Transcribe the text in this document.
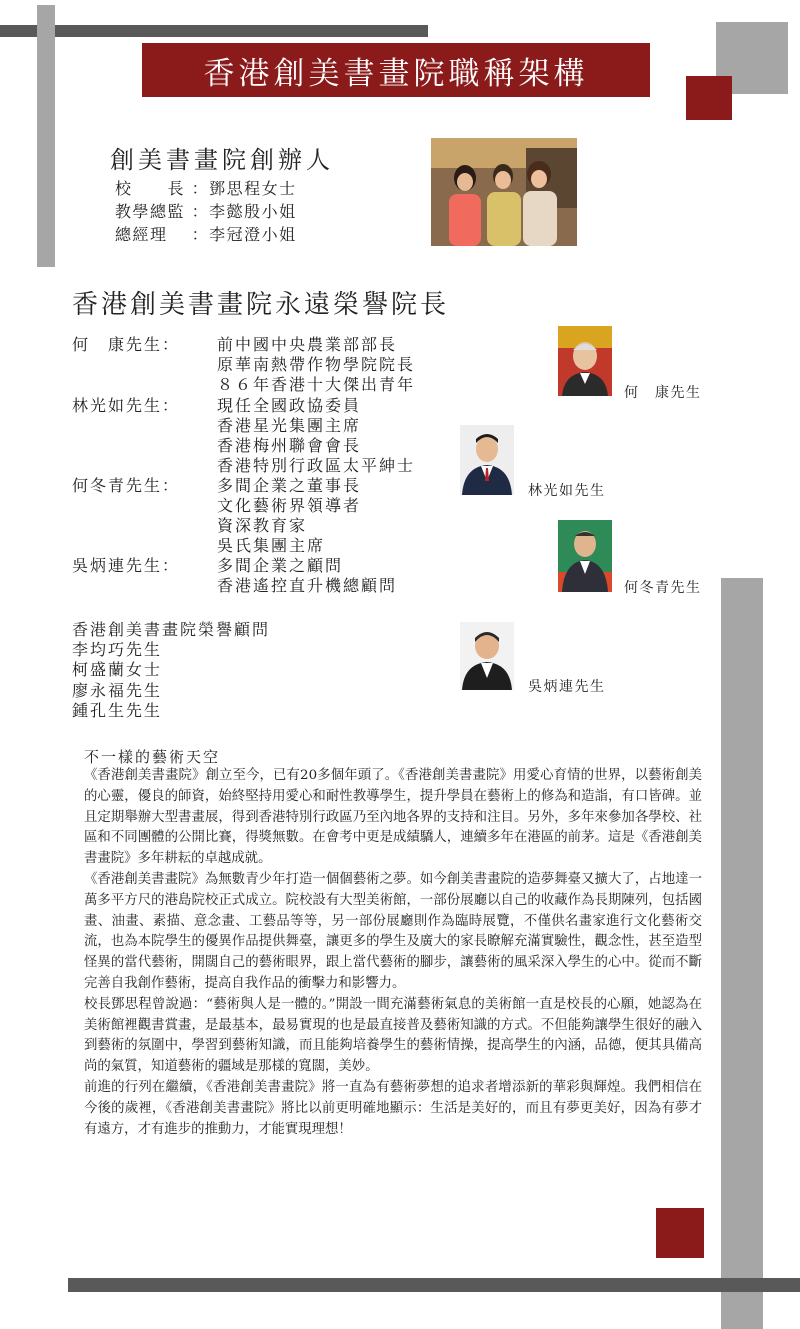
香港創美書畫院職稱架構
創美書畫院創辦人
校　　長 ：鄧思程女士
教學總監 ：李懿殷小姐
總經理　 ：李冠澄小姐
香港創美書畫院永遠榮譽院長
何　康先生： 前中國中央農業部部長
原華南熱帶作物學院院長
８６年香港十大傑出青年
林光如先生： 現任全國政協委員
香港星光集團主席
香港梅州聯會會長
香港特別行政區太平紳士
何冬青先生： 多間企業之董事長
文化藝術界領導者
資深教育家
吳氏集團主席
吳炳連先生： 多間企業之顧問
香港遙控直升機總顧問
何　康先生
林光如先生
何冬青先生
吳炳連先生
香港創美書畫院榮譽顧問
李均巧先生
柯盛蘭女士
廖永福先生
鍾孔生先生
不一樣的藝術天空

《香港創美書畫院》創立至今，已有20多個年頭了。《香港創美書畫院》用愛心育情的世界，以藝術創美的心靈，優良的師資，始終堅持用愛心和耐性教導學生，提升學員在藝術上的修為和造詣，有口皆碑。並且定期舉辦大型書畫展，得到香港特別行政區乃至內地各界的支持和注目。另外，多年來參加各學校、社區和不同團體的公開比賽，得獎無數。在會考中更是成績驕人，連續多年在港區的前茅。這是《香港創美書畫院》多年耕耘的卓越成就。

《香港創美書畫院》為無數青少年打造一個個藝術之夢。如今創美書畫院的造夢舞臺又擴大了，占地達一萬多平方尺的港島院校正式成立。院校設有大型美術館，一部份展廳以自己的收藏作為長期陳列，包括國畫、油畫、素描、意念畫、工藝品等等，另一部份展廳則作為臨時展覽，不僅供名畫家進行文化藝術交流，也為本院學生的優異作品提供舞臺，讓更多的學生及廣大的家長瞭解充滿實驗性，觀念性，甚至造型怪異的當代藝術，開闊自己的藝術眼界，跟上當代藝術的腳步，讓藝術的風采深入學生的心中。從而不斷完善自我創作藝術，提高自我作品的衝擊力和影響力。

校長鄧思程曾說過：“藝術與人是一體的。”開設一間充滿藝術氣息的美術館一直是校長的心願，她認為在美術館裡觀書賞畫，是最基本，最易實現的也是最直接普及藝術知識的方式。不但能夠讓學生很好的融入到藝術的氛圍中，學習到藝術知識，而且能夠培養學生的藝術情操，提高學生的內涵，品德，便其具備高尚的氣質，知道藝術的疆域是那樣的寬闊，美妙。

前進的行列在繼續，《香港創美書畫院》將一直為有藝術夢想的追求者增添新的華彩與輝煌。我們相信在今後的歲裡，《香港創美書畫院》將比以前更明確地顯示：生活是美好的，而且有夢更美好，因為有夢才有遠方，才有進步的推動力，才能實現理想！
